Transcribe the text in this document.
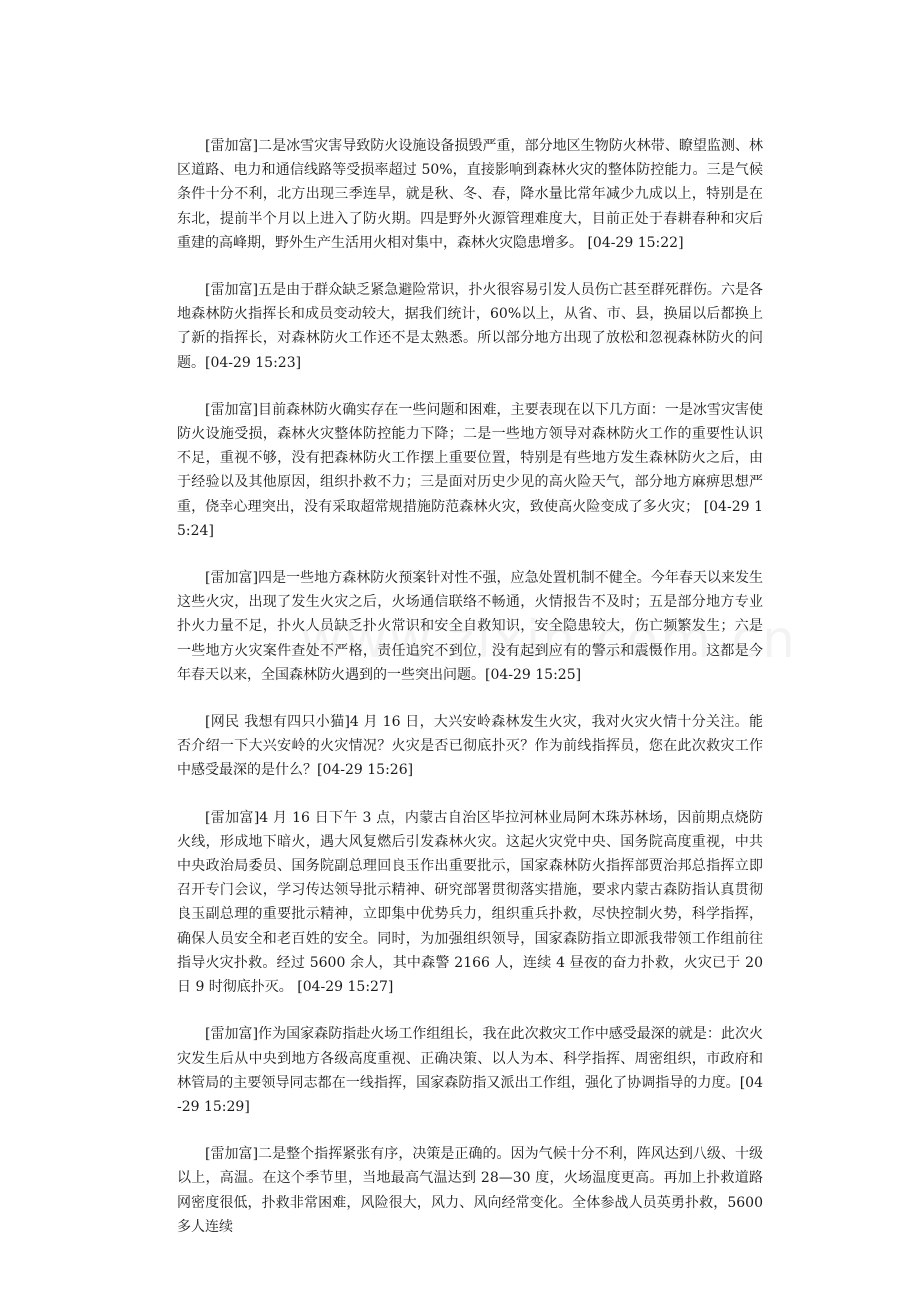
[雷加富]二是冰雪灾害导致防火设施设备损毁严重，部分地区生物防火林带、瞭望监测、林区道路、电力和通信线路等受损率超过 50%，直接影响到森林火灾的整体防控能力。三是气候条件十分不利，北方出现三季连旱，就是秋、冬、春，降水量比常年减少九成以上，特别是在东北，提前半个月以上进入了防火期。四是野外火源管理难度大，目前正处于春耕春种和灾后重建的高峰期，野外生产生活用火相对集中，森林火灾隐患增多。 [04-29 15:22]

[雷加富]五是由于群众缺乏紧急避险常识，扑火很容易引发人员伤亡甚至群死群伤。六是各地森林防火指挥长和成员变动较大，据我们统计，60%以上，从省、市、县，换届以后都换上了新的指挥长，对森林防火工作还不是太熟悉。所以部分地方出现了放松和忽视森林防火的问题。[04-29 15:23]

[雷加富]目前森林防火确实存在一些问题和困难，主要表现在以下几方面：一是冰雪灾害使防火设施受损，森林火灾整体防控能力下降；二是一些地方领导对森林防火工作的重要性认识不足，重视不够，没有把森林防火工作摆上重要位置，特别是有些地方发生森林防火之后，由于经验以及其他原因，组织扑救不力；三是面对历史少见的高火险天气，部分地方麻痹思想严重，侥幸心理突出，没有采取超常规措施防范森林火灾，致使高火险变成了多火灾； [04-29 15:24]

[雷加富]四是一些地方森林防火预案针对性不强，应急处置机制不健全。今年春天以来发生这些火灾，出现了发生火灾之后，火场通信联络不畅通，火情报告不及时；五是部分地方专业扑火力量不足，扑火人员缺乏扑火常识和安全自救知识，安全隐患较大，伤亡频繁发生；六是一些地方火灾案件查处不严格，责任追究不到位，没有起到应有的警示和震慑作用。这都是今年春天以来，全国森林防火遇到的一些突出问题。[04-29 15:25]

[网民 我想有四只小猫]4 月 16 日，大兴安岭森林发生火灾，我对火灾火情十分关注。能否介绍一下大兴安岭的火灾情况？火灾是否已彻底扑灭？作为前线指挥员，您在此次救灾工作中感受最深的是什么？[04-29 15:26]

[雷加富]4 月 16 日下午 3 点，内蒙古自治区毕拉河林业局阿木珠苏林场，因前期点烧防火线，形成地下暗火，遇大风复燃后引发森林火灾。这起火灾党中央、国务院高度重视，中共中央政治局委员、国务院副总理回良玉作出重要批示，国家森林防火指挥部贾治邦总指挥立即召开专门会议，学习传达领导批示精神、研究部署贯彻落实措施，要求内蒙古森防指认真贯彻良玉副总理的重要批示精神，立即集中优势兵力，组织重兵扑救，尽快控制火势，科学指挥，确保人员安全和老百姓的安全。同时，为加强组织领导，国家森防指立即派我带领工作组前往指导火灾扑救。经过 5600 余人，其中森警 2166 人，连续 4 昼夜的奋力扑救，火灾已于 20 日 9 时彻底扑灭。 [04-29 15:27]

[雷加富]作为国家森防指赴火场工作组组长，我在此次救灾工作中感受最深的就是：此次火灾发生后从中央到地方各级高度重视、正确决策、以人为本、科学指挥、周密组织，市政府和林管局的主要领导同志都在一线指挥，国家森防指又派出工作组，强化了协调指导的力度。[04-29 15:29]

[雷加富]二是整个指挥紧张有序，决策是正确的。因为气候十分不利，阵风达到八级、十级以上，高温。在这个季节里，当地最高气温达到 28—30 度，火场温度更高。再加上扑救道路网密度很低，扑救非常困难，风险很大，风力、风向经常变化。全体参战人员英勇扑救，5600 多人连续
